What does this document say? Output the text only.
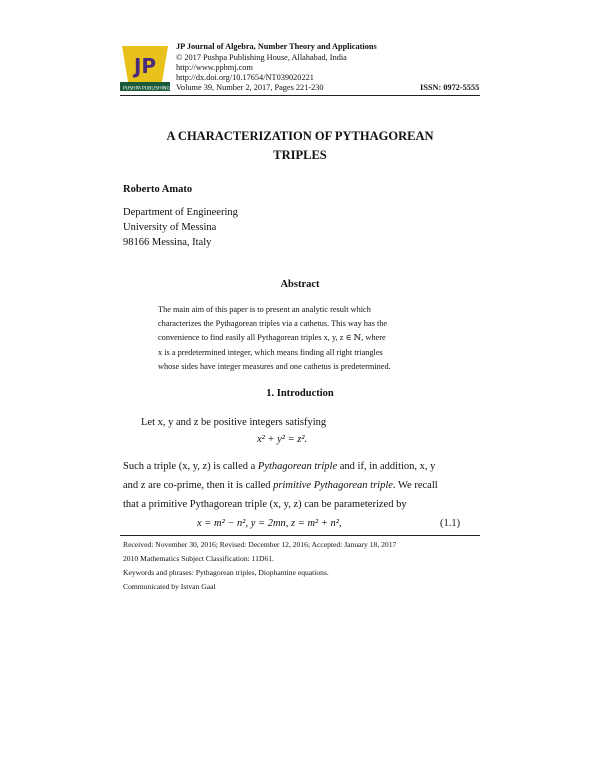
JP
PUSHPA PUBLISHING
JP Journal of Algebra, Number Theory and Applications
© 2017 Pushpa Publishing House, Allahabad, India
http://www.pphmj.com
http://dx.doi.org/10.17654/NT039020221
Volume 39, Number 2, 2017, Pages 221-230	ISSN: 0972-5555
A CHARACTERIZATION OF PYTHAGOREAN
TRIPLES
Roberto Amato
Department of Engineering
University of Messina
98166 Messina, Italy
Abstract
The main aim of this paper is to present an analytic result which
characterizes the Pythagorean triples via a cathetus. This way has the
convenience to find easily all Pythagorean triples x, y, z ∈ ℕ, where
x is a predetermined integer, which means finding all right triangles
whose sides have integer measures and one cathetus is predetermined.
1. Introduction
Let x, y and z be positive integers satisfying
x² + y² = z².
Such a triple (x, y, z) is called a Pythagorean triple and if, in addition, x, y
and z are co-prime, then it is called primitive Pythagorean triple. We recall
that a primitive Pythagorean triple (x, y, z) can be parameterized by
x = m² − n², y = 2mn, z = m² + n²,	(1.1)
Received: November 30, 2016; Revised: December 12, 2016; Accepted: January 18, 2017
2010 Mathematics Subject Classification: 11D61.
Keywords and phrases: Pythagorean triples, Diophantine equations.
Communicated by Istvan Gaal
